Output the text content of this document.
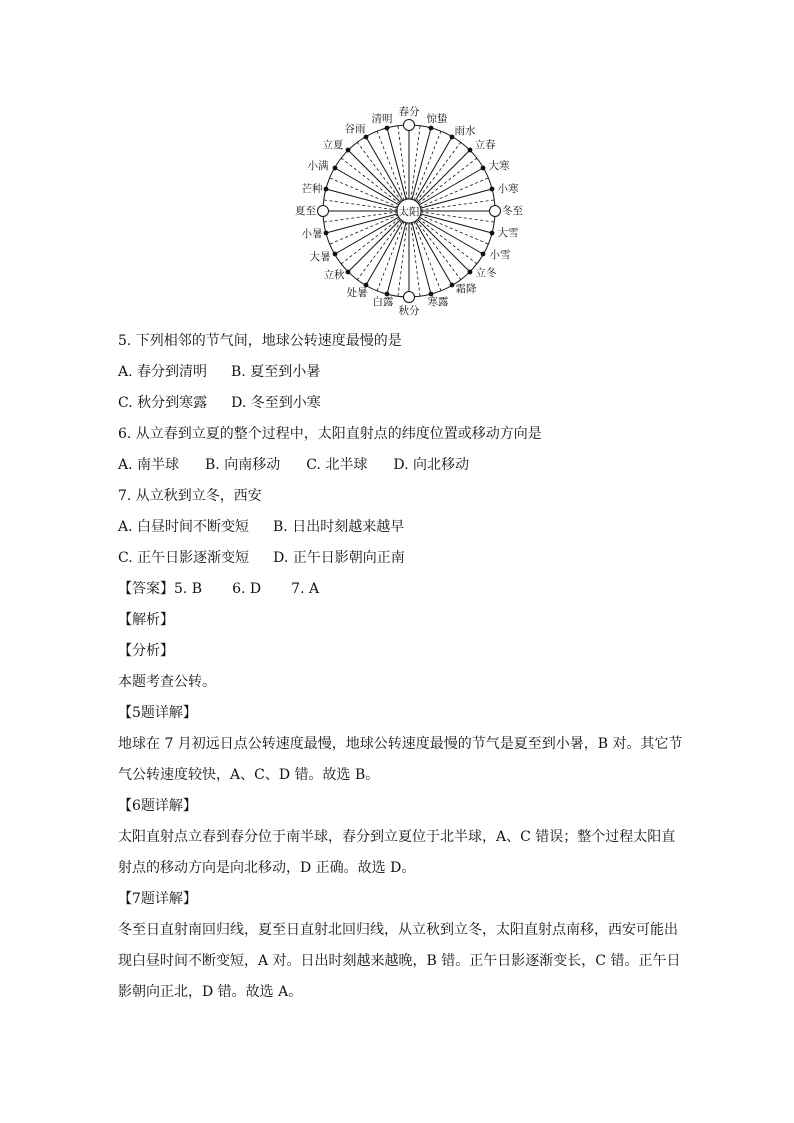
太阳
春分
惊蛰
雨水
立春
大寒
小寒
冬至
大雪
小雪
立冬
霜降
寒露
秋分
白露
处暑
立秋
大暑
小暑
夏至
芒种
小满
立夏
谷雨
清明

5. 下列相邻的节气间，地球公转速度最慢的是

A. 春分到清明 B. 夏至到小暑

C. 秋分到寒露 D. 冬至到小寒

6. 从立春到立夏的整个过程中，太阳直射点的纬度位置或移动方向是

A. 南半球 B. 向南移动 C. 北半球 D. 向北移动

7. 从立秋到立冬，西安

A. 白昼时间不断变短 B. 日出时刻越来越早

C. 正午日影逐渐变短 D. 正午日影朝向正南

【答案】5. B 6. D 7. A

【解析】

【分析】

本题考查公转。

【5题详解】

地球在 7 月初远日点公转速度最慢，地球公转速度最慢的节气是夏至到小暑，B 对。其它节

气公转速度较快，A、C、D 错。故选 B。

【6题详解】

太阳直射点立春到春分位于南半球，春分到立夏位于北半球，A、C 错误；整个过程太阳直

射点的移动方向是向北移动，D 正确。故选 D。

【7题详解】

冬至日直射南回归线，夏至日直射北回归线，从立秋到立冬，太阳直射点南移，西安可能出

现白昼时间不断变短，A 对。日出时刻越来越晚，B 错。正午日影逐渐变长，C 错。正午日

影朝向正北，D 错。故选 A。
